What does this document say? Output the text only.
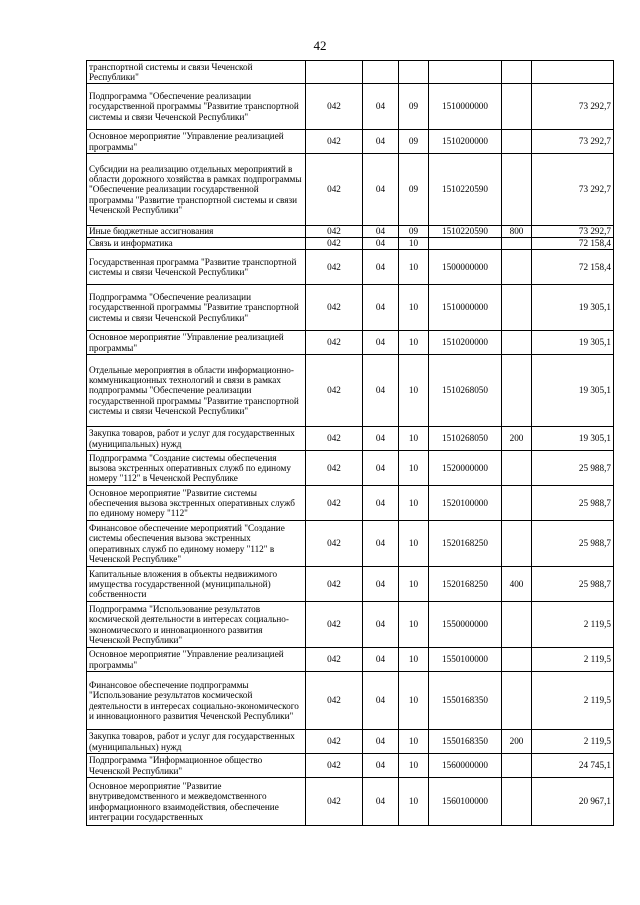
42
транспортной системы и связи Чеченской Республики"						
Подпрограмма "Обеспечение реализации государственной программы "Развитие транспортной системы и связи Чеченской Республики"	042	04	09	1510000000		73 292,7
Основное мероприятие "Управление реализацией программы"	042	04	09	1510200000		73 292,7
Субсидии на реализацию отдельных мероприятий в области дорожного хозяйства в рамках подпрограммы "Обеспечение реализации государственной программы "Развитие транспортной системы и связи Чеченской Республики"	042	04	09	1510220590		73 292,7
Иные бюджетные ассигнования	042	04	09	1510220590	800	73 292,7
Связь и информатика	042	04	10			72 158,4
Государственная программа "Развитие транспортной системы и связи Чеченской Республики"	042	04	10	1500000000		72 158,4
Подпрограмма "Обеспечение реализации государственной программы "Развитие транспортной системы и связи Чеченской Республики"	042	04	10	1510000000		19 305,1
Основное мероприятие "Управление реализацией программы"	042	04	10	1510200000		19 305,1
Отдельные мероприятия в области информационно-коммуникационных технологий и связи в рамках подпрограммы "Обеспечение реализации государственной программы "Развитие транспортной системы и связи Чеченской Республики"	042	04	10	1510268050		19 305,1
Закупка товаров, работ и услуг для государственных (муниципальных) нужд	042	04	10	1510268050	200	19 305,1
Подпрограмма "Создание системы обеспечения вызова экстренных оперативных служб по единому номеру "112" в Чеченской Республике	042	04	10	1520000000		25 988,7
Основное мероприятие "Развитие системы обеспечения вызова экстренных оперативных служб по единому номеру "112"	042	04	10	1520100000		25 988,7
Финансовое обеспечение мероприятий "Создание системы обеспечения вызова экстренных оперативных служб по единому номеру "112" в Чеченской Республике"	042	04	10	1520168250		25 988,7
Капитальные вложения в объекты недвижимого имущества государственной (муниципальной) собственности	042	04	10	1520168250	400	25 988,7
Подпрограмма "Использование результатов космической деятельности в интересах социально-экономического и инновационного развития Чеченской Республики"	042	04	10	1550000000		2 119,5
Основное мероприятие "Управление реализацией программы"	042	04	10	1550100000		2 119,5
Финансовое обеспечение подпрограммы "Использование результатов космической деятельности в интересах социально-экономического и инновационного развития Чеченской Республики"	042	04	10	1550168350		2 119,5
Закупка товаров, работ и услуг для государственных (муниципальных) нужд	042	04	10	1550168350	200	2 119,5
Подпрограмма "Информационное общество Чеченской Республики"	042	04	10	1560000000		24 745,1
Основное мероприятие "Развитие внутриведомственного и межведомственного информационного взаимодействия, обеспечение интеграции государственных	042	04	10	1560100000		20 967,1
